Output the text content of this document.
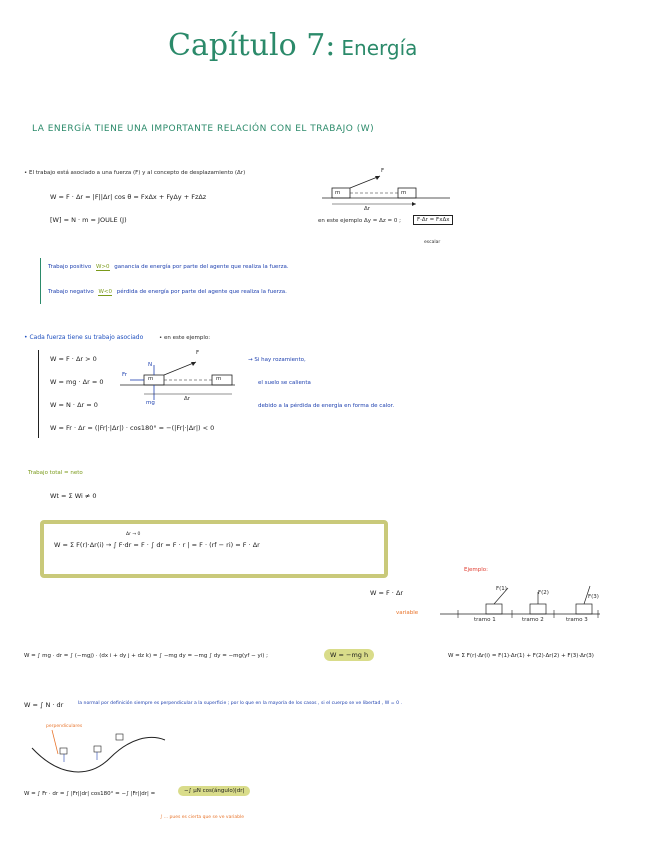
Capítulo 7: Energía
LA ENERGÍA TIENE UNA IMPORTANTE RELACIÓN CON EL TRABAJO (W)
• El trabajo está asociado a una fuerza (F) y al concepto de desplazamiento (Δr)
W = F · Δr = |F||Δr| cos θ = FxΔx + FyΔy + FzΔz
[W] = N · m = JOULE (J)
F
m	m
Δr
en este ejemplo Δy = Δz = 0 ;	F·Δr = FxΔx
escalar
Trabajo positivo W>0 ganancia de energía por parte del agente que realiza la fuerza.
Trabajo negativo W<0 pérdida de energía por parte del agente que realiza la fuerza.
• Cada fuerza tiene su trabajo asociado	• en este ejemplo:
W = F · Δr > 0
W = mg · Δr = 0
W = N · Δr = 0
W = Fr · Δr = (|Fr|·|Δr|) · cos180° = −(|Fr|·|Δr|) < 0
F
N
Fr
mg
m	m
Δr
→ Si hay rozamiento,
el suelo se calienta
debido a la pérdida de energía en forma de calor.
Trabajo total = neto
Wt = Σ Wi ≠ 0
W = Σ F(r)·Δr(i) → ∫ F·dr = F · ∫ dr = F · r | = F · (rf − ri) = F · Δr
Δr → 0
Ejemplo:
W = F · Δr
variable
tramo 1	tramo 2	tramo 3
F(1)
F(2)
F(3)
W = ∫ mg · dr = ∫ (−mgj) · (dx i + dy j + dz k) = ∫ −mg dy = −mg ∫ dy = −mg(yf − yi) ;	W = −mg h	W = Σ F(r)·Δr(i) = F(1)·Δr(1) + F(2)·Δr(2) + F(3)·Δr(3)
W = ∫ N · dr	la normal por definición siempre es perpendicular a la superficie ; por lo que en la mayoría de los casos , si el cuerpo se ve libertad , W = 0 .
perpendiculares
W = ∫ Fr · dr = ∫ |Fr||dr| cos180° = −∫ |Fr||dr| =	−∫ μN cos(ángulo)|dr|
∫ ... pues es cierta que se ve variable
